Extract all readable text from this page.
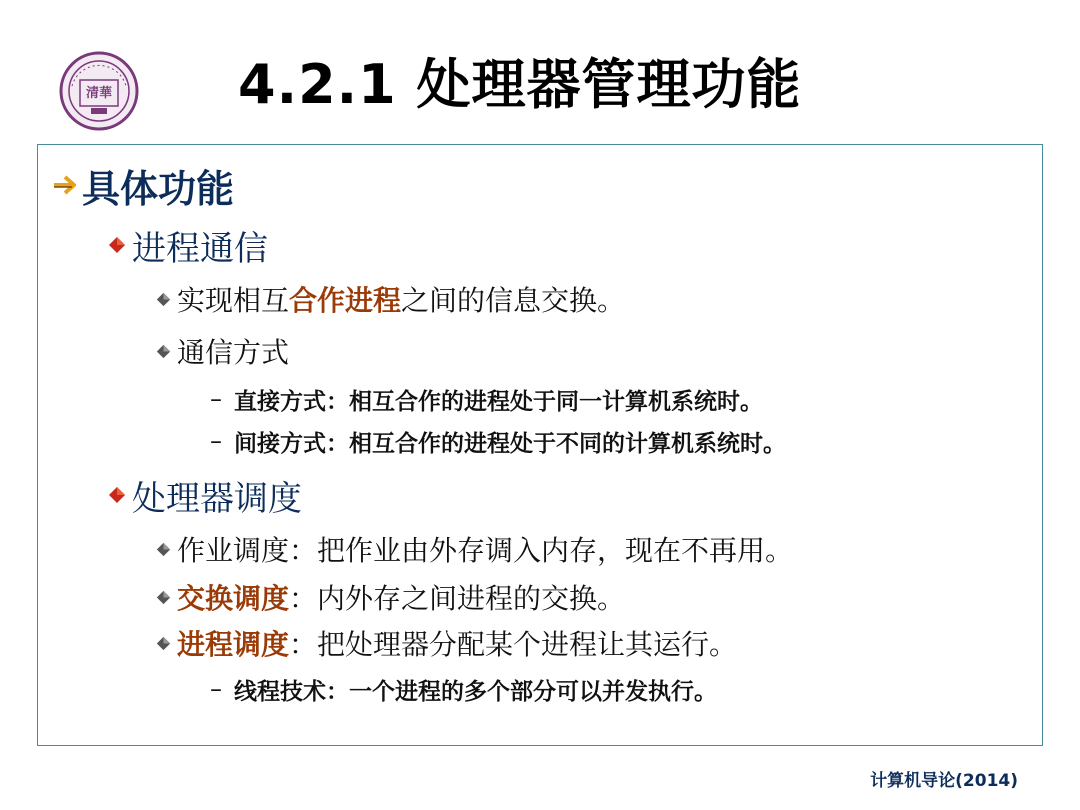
清華 4.2.1 处理器管理功能
具体功能
进程通信
实现相互 合作进程 之间的信息交换。
通信方式
– 直接方式：相互合作的进程处于同一计算机系统时。
– 间接方式：相互合作的进程处于不同的计算机系统时。
处理器调度
作业调度：把作业由外存调入内存，现在不再用。
交换调度 ：内外存之间进程的交换。
进程调度 ：把处理器分配某个进程让其运行。
– 线程技术：一个进程的多个部分可以并发执行。
计算机导论(2014)
